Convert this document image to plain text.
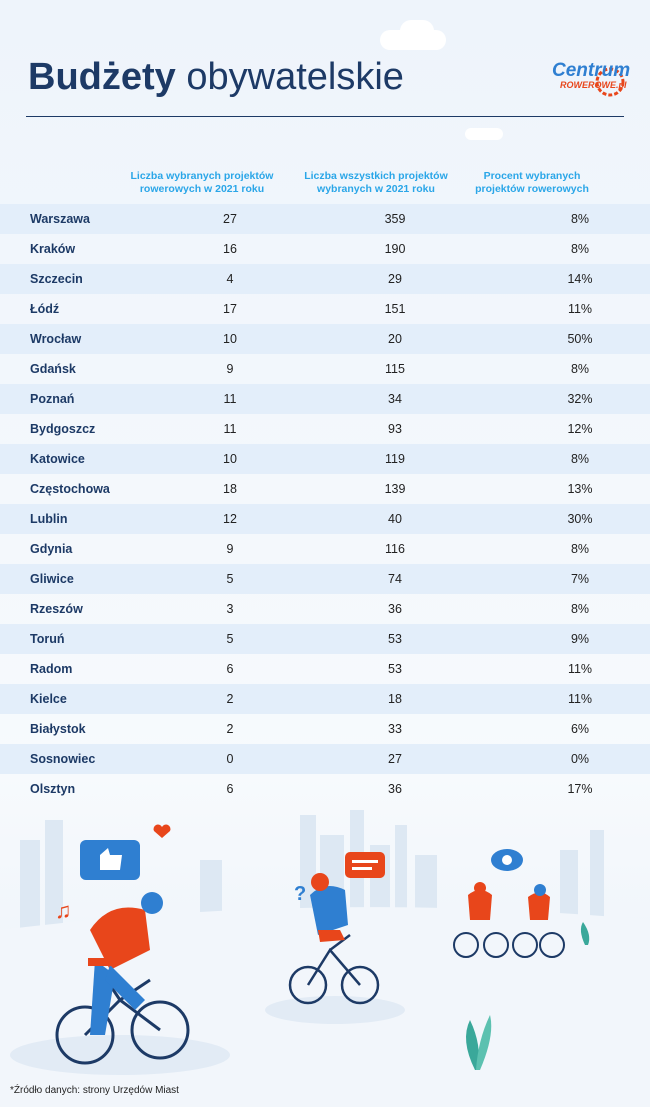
Budżety obywatelskie	Centrum
ROWEROWE.pl
Liczba wybranych projektów rowerowych w 2021 roku
Liczba wszystkich projektów wybranych w 2021 roku
Procent wybranych projektów rowerowych
Warszawa	27	359	8%
Kraków	16	190	8%
Szczecin	4	29	14%
Łódź	17	151	11%
Wrocław	10	20	50%
Gdańsk	9	115	8%
Poznań	11	34	32%
Bydgoszcz	11	93	12%
Katowice	10	119	8%
Częstochowa	18	139	13%
Lublin	12	40	30%
Gdynia	9	116	8%
Gliwice	5	74	7%
Rzeszów	3	36	8%
Toruń	5	53	9%
Radom	6	53	11%
Kielce	2	18	11%
Białystok	2	33	6%
Sosnowiec	0	27	0%
Olsztyn	6	36	17%
♫
?
*Źródło danych: strony Urzędów Miast
